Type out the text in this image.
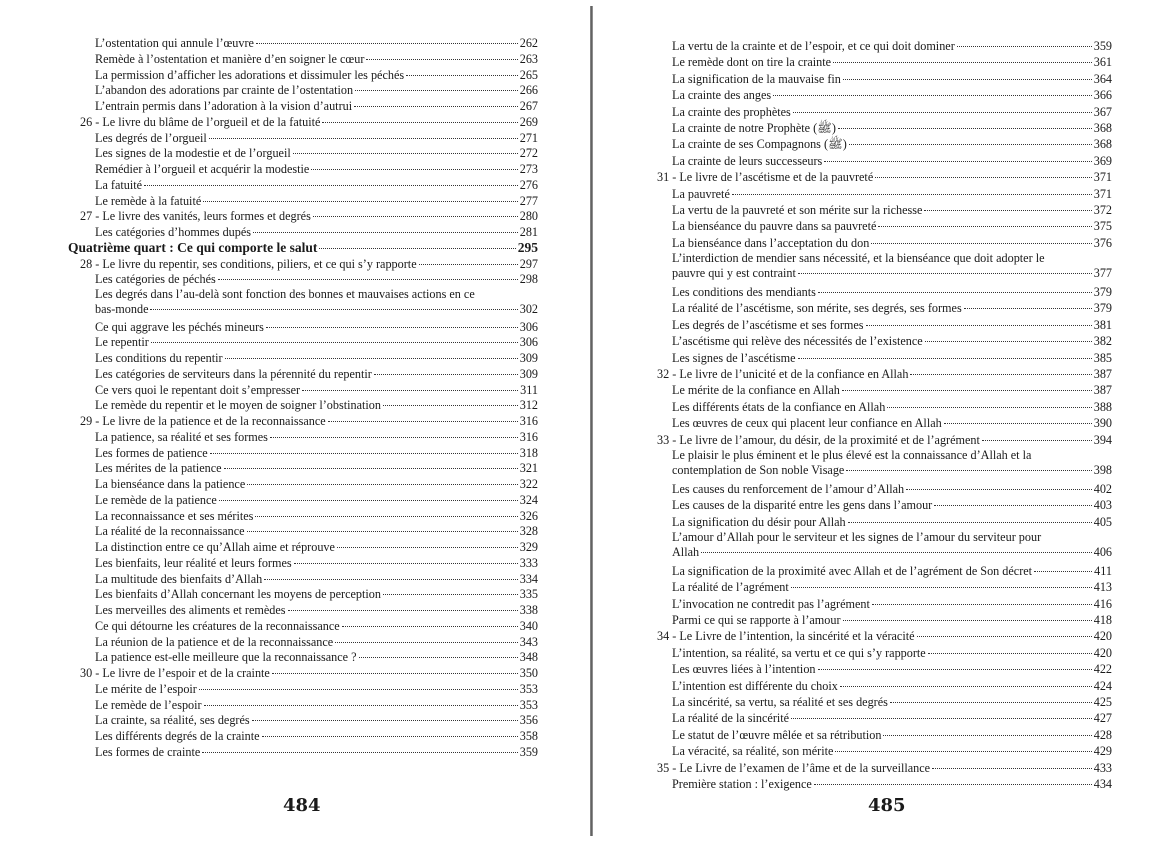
L’ostentation qui annule l’œuvre	262
Remède à l’ostentation et manière d’en soigner le cœur	263
La permission d’afficher les adorations et dissimuler les péchés	265
L’abandon des adorations par crainte de l’ostentation	266
L’entrain permis dans l’adoration à la vision d’autrui	267
26 - Le livre du blâme de l’orgueil et de la fatuité	269
Les degrés de l’orgueil	271
Les signes de la modestie et de l’orgueil	272
Remédier à l’orgueil et acquérir la modestie	273
La fatuité	276
Le remède à la fatuité	277
27 - Le livre des vanités, leurs formes et degrés	280
Les catégories d’hommes dupés	281
Quatrième quart : Ce qui comporte le salut	295
28 - Le livre du repentir, ses conditions, piliers, et ce qui s’y rapporte	297
Les catégories de péchés	298
Les degrés dans l’au-delà sont fonction des bonnes et mauvaises actions en ce
bas-monde	302
Ce qui aggrave les péchés mineurs	306
Le repentir	306
Les conditions du repentir	309
Les catégories de serviteurs dans la pérennité du repentir	309
Ce vers quoi le repentant doit s’empresser	311
Le remède du repentir et le moyen de soigner l’obstination	312
29 - Le livre de la patience et de la reconnaissance	316
La patience, sa réalité et ses formes	316
Les formes de patience	318
Les mérites de la patience	321
La bienséance dans la patience	322
Le remède de la patience	324
La reconnaissance et ses mérites	326
La réalité de la reconnaissance	328
La distinction entre ce qu’Allah aime et réprouve	329
Les bienfaits, leur réalité et leurs formes	333
La multitude des bienfaits d’Allah	334
Les bienfaits d’Allah concernant les moyens de perception	335
Les merveilles des aliments et remèdes	338
Ce qui détourne les créatures de la reconnaissance	340
La réunion de la patience et de la reconnaissance	343
La patience est-elle meilleure que la reconnaissance ?	348
30 - Le livre de l’espoir et de la crainte	350
Le mérite de l’espoir	353
Le remède de l’espoir	353
La crainte, sa réalité, ses degrés	356
Les différents degrés de la crainte	358
Les formes de crainte	359
484
La vertu de la crainte et de l’espoir, et ce qui doit dominer	359
Le remède dont on tire la crainte	361
La signification de la mauvaise fin	364
La crainte des anges	366
La crainte des prophètes	367
La crainte de notre Prophète (ﷺ)	368
La crainte de ses Compagnons (ﷺ)	368
La crainte de leurs successeurs	369
31 - Le livre de l’ascétisme et de la pauvreté	371
La pauvreté	371
La vertu de la pauvreté et son mérite sur la richesse	372
La bienséance du pauvre dans sa pauvreté	375
La bienséance dans l’acceptation du don	376
L’interdiction de mendier sans nécessité, et la bienséance que doit adopter le
pauvre qui y est contraint	377
Les conditions des mendiants	379
La réalité de l’ascétisme, son mérite, ses degrés, ses formes	379
Les degrés de l’ascétisme et ses formes	381
L’ascétisme qui relève des nécessités de l’existence	382
Les signes de l’ascétisme	385
32 - Le livre de l’unicité et de la confiance en Allah	387
Le mérite de la confiance en Allah	387
Les différents états de la confiance en Allah	388
Les œuvres de ceux qui placent leur confiance en Allah	390
33 - Le livre de l’amour, du désir, de la proximité et de l’agrément	394
Le plaisir le plus éminent et le plus élevé est la connaissance d’Allah et la
contemplation de Son noble Visage	398
Les causes du renforcement de l’amour d’Allah	402
Les causes de la disparité entre les gens dans l’amour	403
La signification du désir pour Allah	405
L’amour d’Allah pour le serviteur et les signes de l’amour du serviteur pour
Allah	406
La signification de la proximité avec Allah et de l’agrément de Son décret	411
La réalité de l’agrément	413
L’invocation ne contredit pas l’agrément	416
Parmi ce qui se rapporte à l’amour	418
34 - Le Livre de l’intention, la sincérité et la véracité	420
L’intention, sa réalité, sa vertu et ce qui s’y rapporte	420
Les œuvres liées à l’intention	422
L’intention est différente du choix	424
La sincérité, sa vertu, sa réalité et ses degrés	425
La réalité de la sincérité	427
Le statut de l’œuvre mêlée et sa rétribution	428
La véracité, sa réalité, son mérite	429
35 - Le Livre de l’examen de l’âme et de la surveillance	433
Première station : l’exigence	434
485
